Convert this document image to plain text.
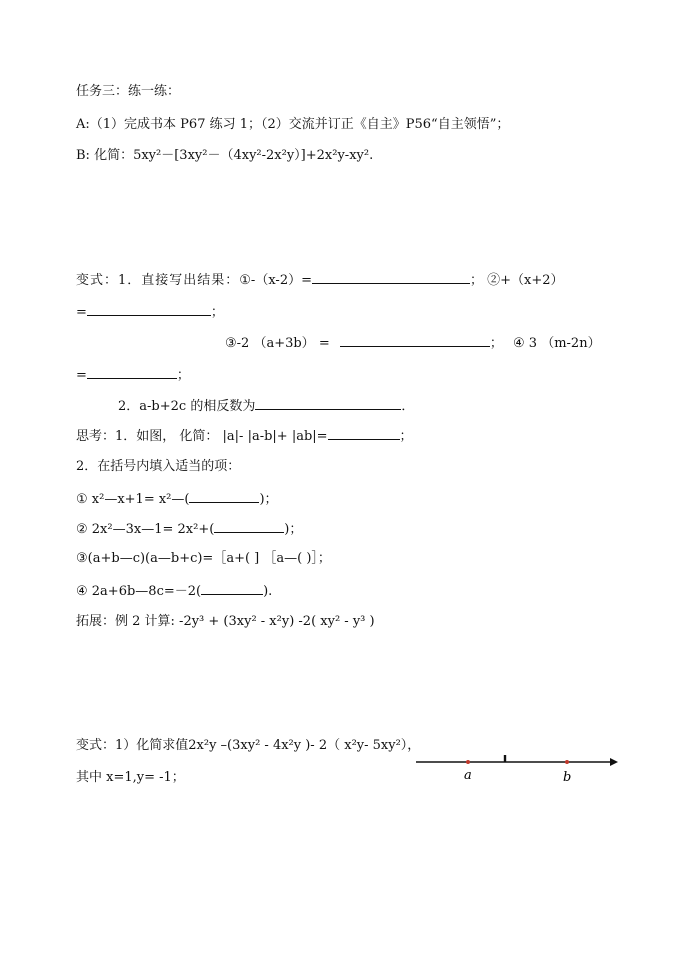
任务三：练一练：
A:（1）完成书本 P67 练习 1；（2）交流并订正《自主》P56“自主领悟”；
B: 化简：5xy²－[3xy²－（4xy²-2x²y）]+2x²y-xy².
变式：1．直接写出结果：①-（x-2）=	； ②+（x+2）
=	；
③-2 （a+3b） =	； ④ 3 （m-2n）
=	；
2．a-b+2c 的相反数为	．
思考：1．如图， 化简： |a|- |a-b|+ |ab|=	；
2．在括号内填入适当的项：
① x²—x+1= x²—(	)；
② 2x²—3x—1= 2x²+(	)；
③(a+b—c)(a—b+c)=［a+( ] ［a—( )］；
④ 2a+6b—8c=－2(	).
拓展：例 2 计算: -2y³ + (3xy² - x²y) -2( xy² - y³ )
变式：1）化简求值2x²y –(3xy² - 4x²y )- 2（ x²y- 5xy²），
其中 x=1,y= -1；	a	b
